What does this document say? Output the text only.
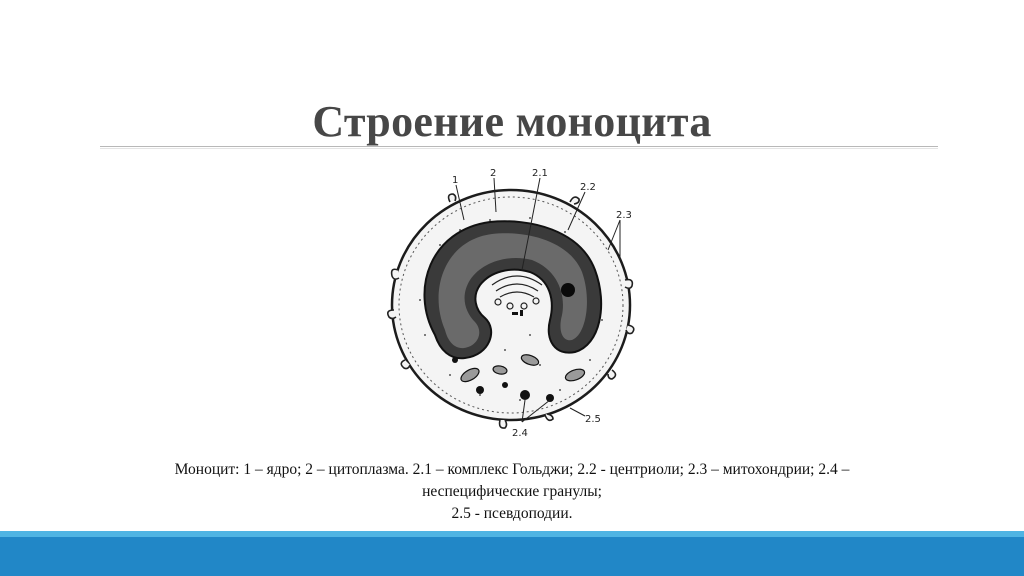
Строение моноцита
1
2	2.1
2.2
2.3
2.4
2.5
Моноцит: 1 – ядро; 2 – цитоплазма. 2.1 – комплекс Гольджи; 2.2 - центриоли; 2.3 – митохондрии; 2.4 –
неспецифические гранулы;
2.5 - псевдоподии.
